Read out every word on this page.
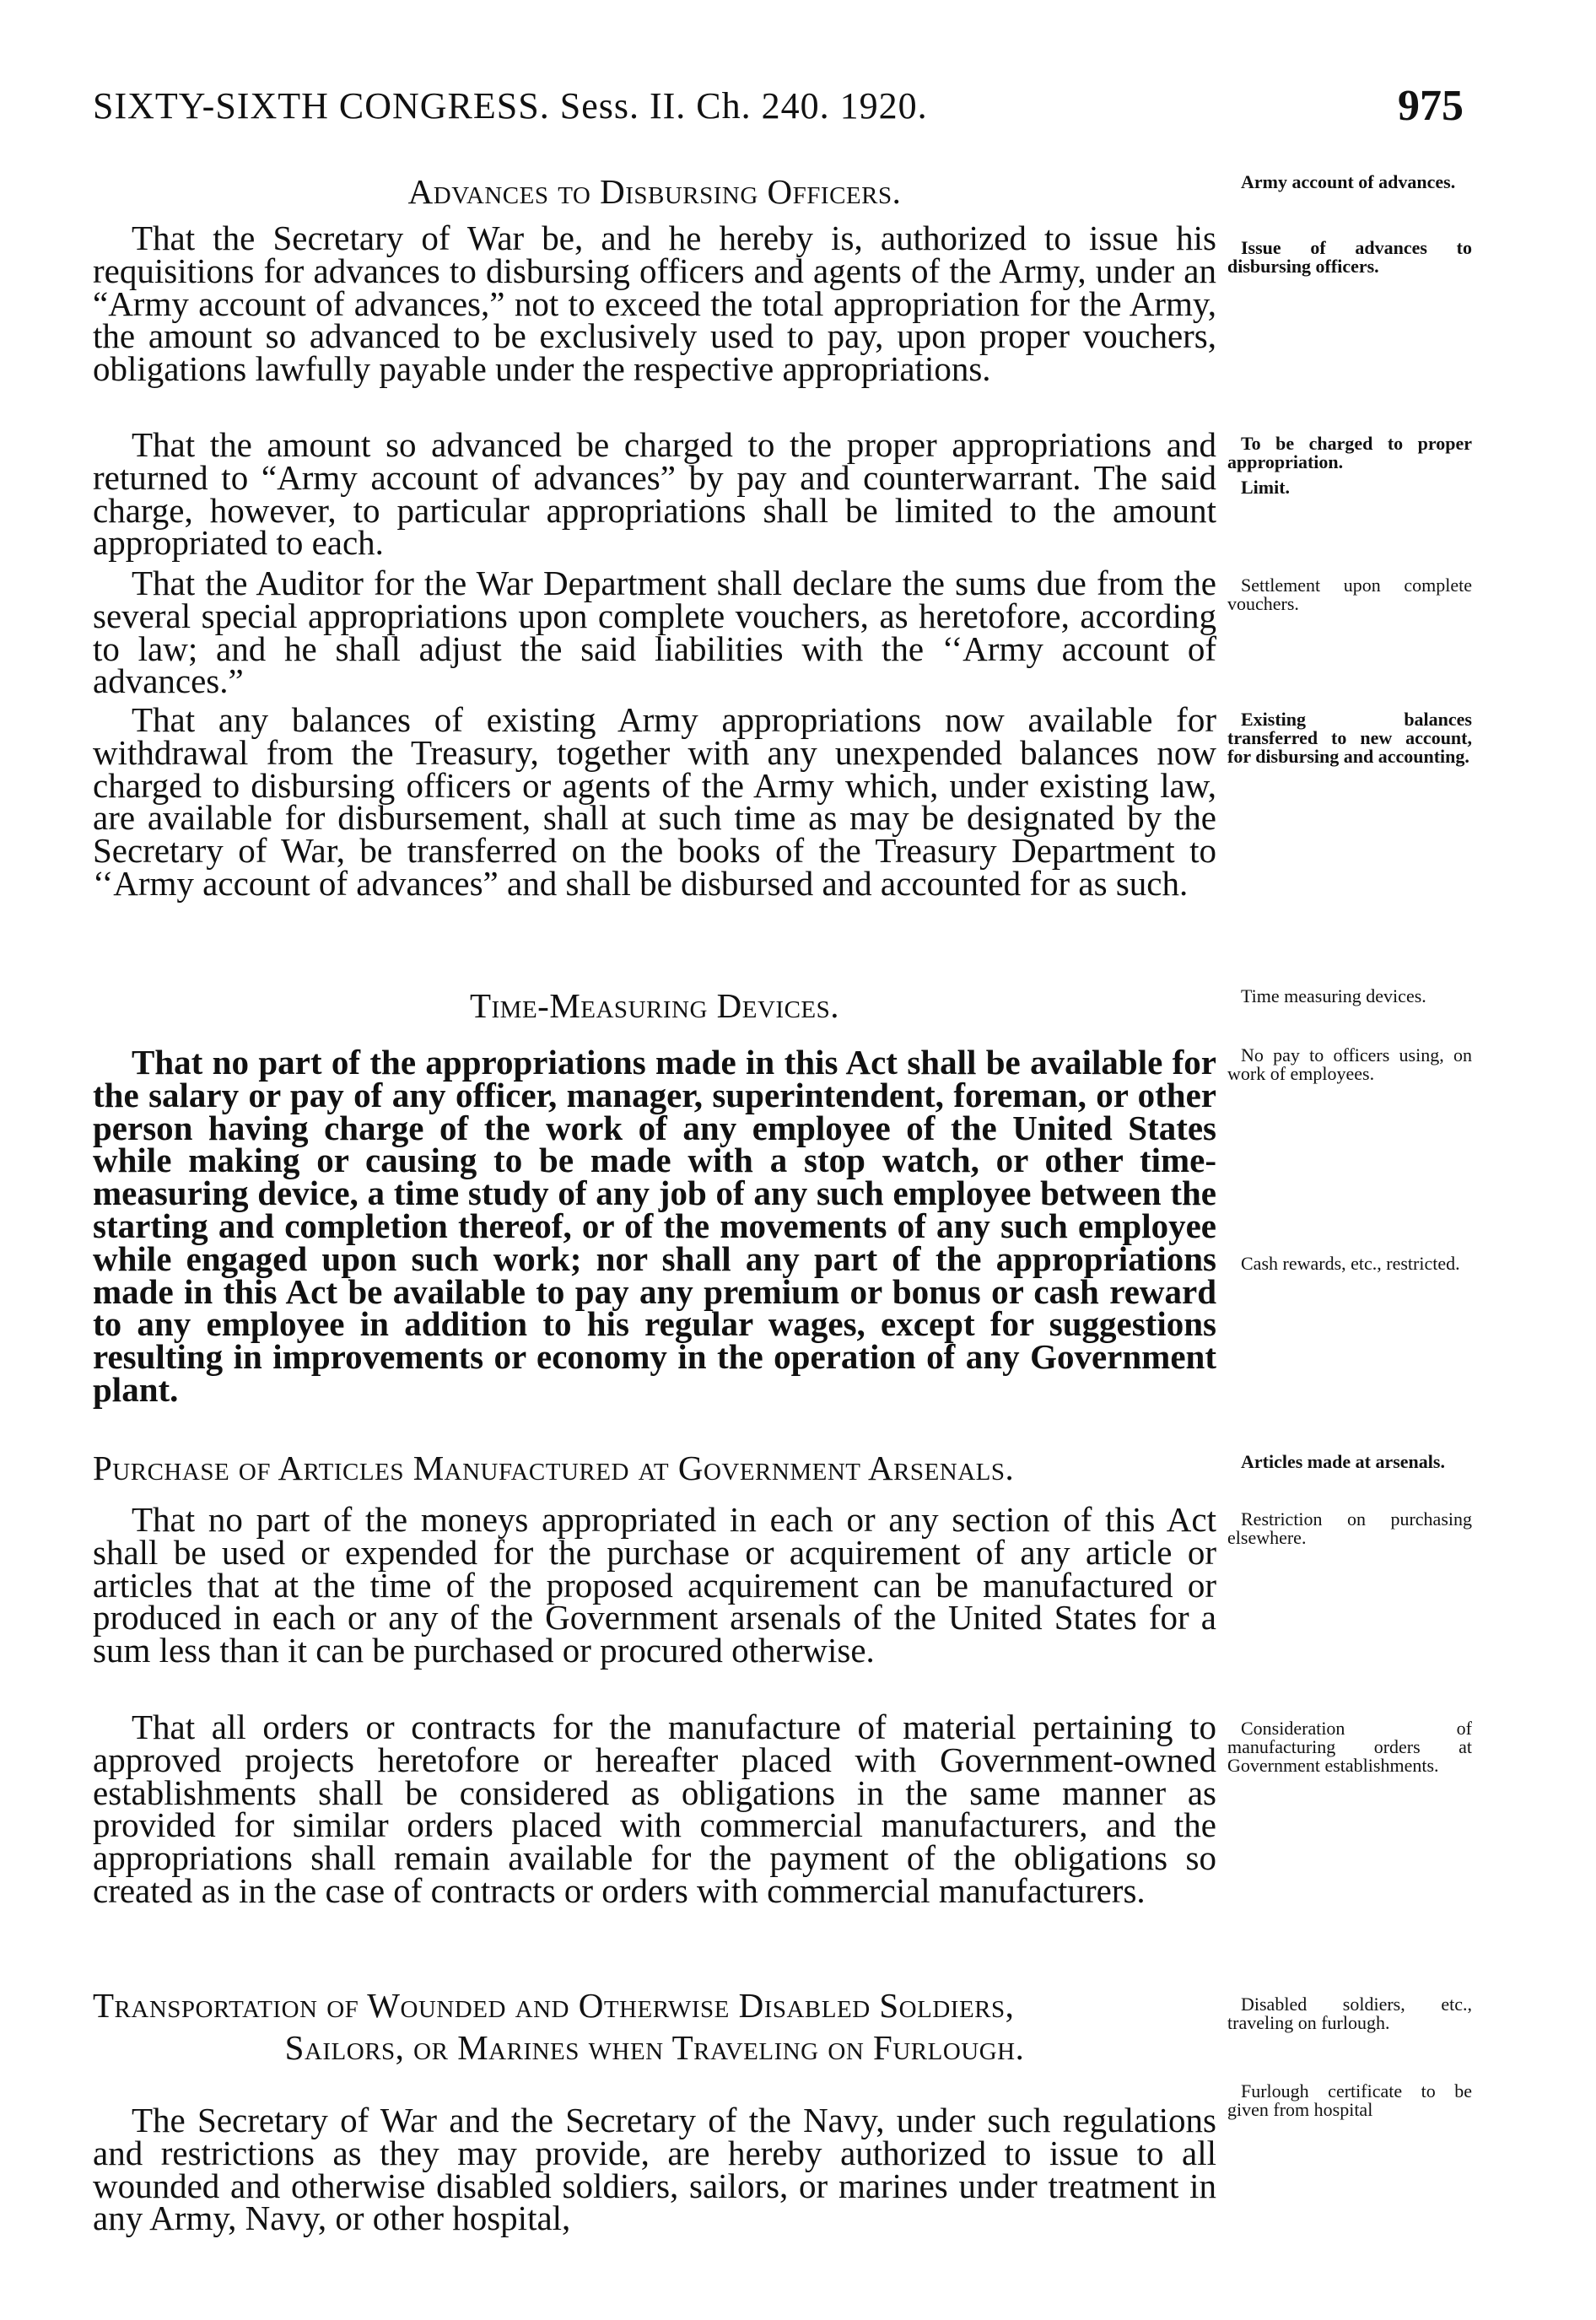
SIXTY-SIXTH CONGRESS. Sess. II. Ch. 240. 1920.	975
Advances to Disbursing Officers.

That the Secretary of War be, and he hereby is, authorized to issue his requisitions for advances to disbursing officers and agents of the Army, under an “Army account of advances,” not to exceed the total appropriation for the Army, the amount so advanced to be exclusively used to pay, upon proper vouchers, obligations lawfully payable under the respective appropriations.

That the amount so advanced be charged to the proper appropriations and returned to “Army account of advances” by pay and counterwarrant. The said charge, however, to particular appropriations shall be limited to the amount appropriated to each.

That the Auditor for the War Department shall declare the sums due from the several special appropriations upon complete vouchers, as heretofore, according to law; and he shall adjust the said liabilities with the ‘‘Army account of advances.”

That any balances of existing Army appropriations now available for withdrawal from the Treasury, together with any unexpended balances now charged to disbursing officers or agents of the Army which, under existing law, are available for disbursement, shall at such time as may be designated by the Secretary of War, be transferred on the books of the Treasury Department to ‘‘Army account of advances” and shall be disbursed and accounted for as such.

Time-Measuring Devices.

That no part of the appropriations made in this Act shall be available for the salary or pay of any officer, manager, superintendent, foreman, or other person having charge of the work of any employee of the United States while making or causing to be made with a stop watch, or other time-measuring device, a time study of any job of any such employee between the starting and completion thereof, or of the movements of any such employee while engaged upon such work; nor shall any part of the appropriations made in this Act be available to pay any premium or bonus or cash reward to any employee in addition to his regular wages, except for suggestions resulting in improvements or economy in the operation of any Government plant.

Purchase of Articles Manufactured at Government Arsenals.

That no part of the moneys appropriated in each or any section of this Act shall be used or expended for the purchase or acquirement of any article or articles that at the time of the proposed acquirement can be manufactured or produced in each or any of the Government arsenals of the United States for a sum less than it can be purchased or procured otherwise.

That all orders or contracts for the manufacture of material pertaining to approved projects heretofore or hereafter placed with Government-owned establishments shall be considered as obligations in the same manner as provided for similar orders placed with commercial manufacturers, and the appropriations shall remain available for the payment of the obligations so created as in the case of contracts or orders with commercial manufacturers.

Transportation of Wounded and Otherwise Disabled Soldiers,
Sailors, or Marines when Traveling on Furlough.

The Secretary of War and the Secretary of the Navy, under such regulations and restrictions as they may provide, are hereby authorized to issue to all wounded and otherwise disabled soldiers, sailors, or marines under treatment in any Army, Navy, or other hospital,

Army account of advances.
Issue of advances to disbursing officers.
To be charged to proper appropriation.
Limit.
Settlement upon complete vouchers.
Existing balances transferred to new account, for disbursing and accounting.
Time measuring devices.
No pay to officers using, on work of employees.
Cash rewards, etc., restricted.
Articles made at arsenals.
Restriction on purchasing elsewhere.
Consideration of manufacturing orders at Government establishments.
Disabled soldiers, etc., traveling on furlough.
Furlough certificate to be given from hospital
